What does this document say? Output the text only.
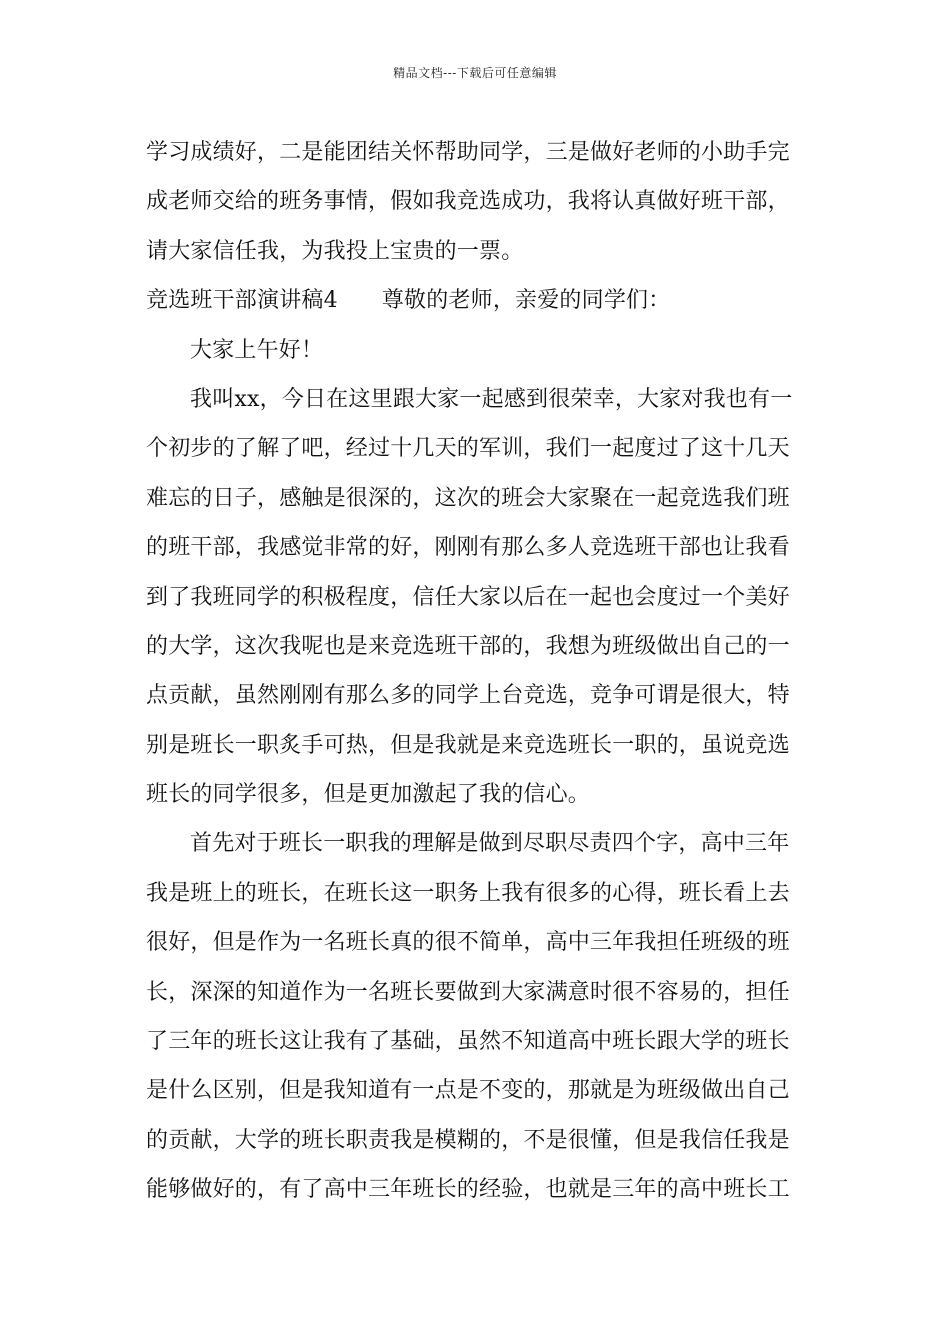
精品文档---下载后可任意编辑
学习成绩好，二是能团结关怀帮助同学，三是做好老师的小助手完
成老师交给的班务事情，假如我竞选成功，我将认真做好班干部，
请大家信任我，为我投上宝贵的一票。
竞选班干部演讲稿4 尊敬的老师，亲爱的同学们：
大家上午好！
我叫xx，今日在这里跟大家一起感到很荣幸，大家对我也有一
个初步的了解了吧，经过十几天的军训，我们一起度过了这十几天
难忘的日子，感触是很深的，这次的班会大家聚在一起竞选我们班
的班干部，我感觉非常的好，刚刚有那么多人竞选班干部也让我看
到了我班同学的积极程度，信任大家以后在一起也会度过一个美好
的大学，这次我呢也是来竞选班干部的，我想为班级做出自己的一
点贡献，虽然刚刚有那么多的同学上台竞选，竞争可谓是很大，特
别是班长一职炙手可热，但是我就是来竞选班长一职的，虽说竞选
班长的同学很多，但是更加激起了我的信心。
首先对于班长一职我的理解是做到尽职尽责四个字，高中三年
我是班上的班长，在班长这一职务上我有很多的心得，班长看上去
很好，但是作为一名班长真的很不简单，高中三年我担任班级的班
长，深深的知道作为一名班长要做到大家满意时很不容易的，担任
了三年的班长这让我有了基础，虽然不知道高中班长跟大学的班长
是什么区别，但是我知道有一点是不变的，那就是为班级做出自己
的贡献，大学的班长职责我是模糊的，不是很懂，但是我信任我是
能够做好的，有了高中三年班长的经验，也就是三年的高中班长工
